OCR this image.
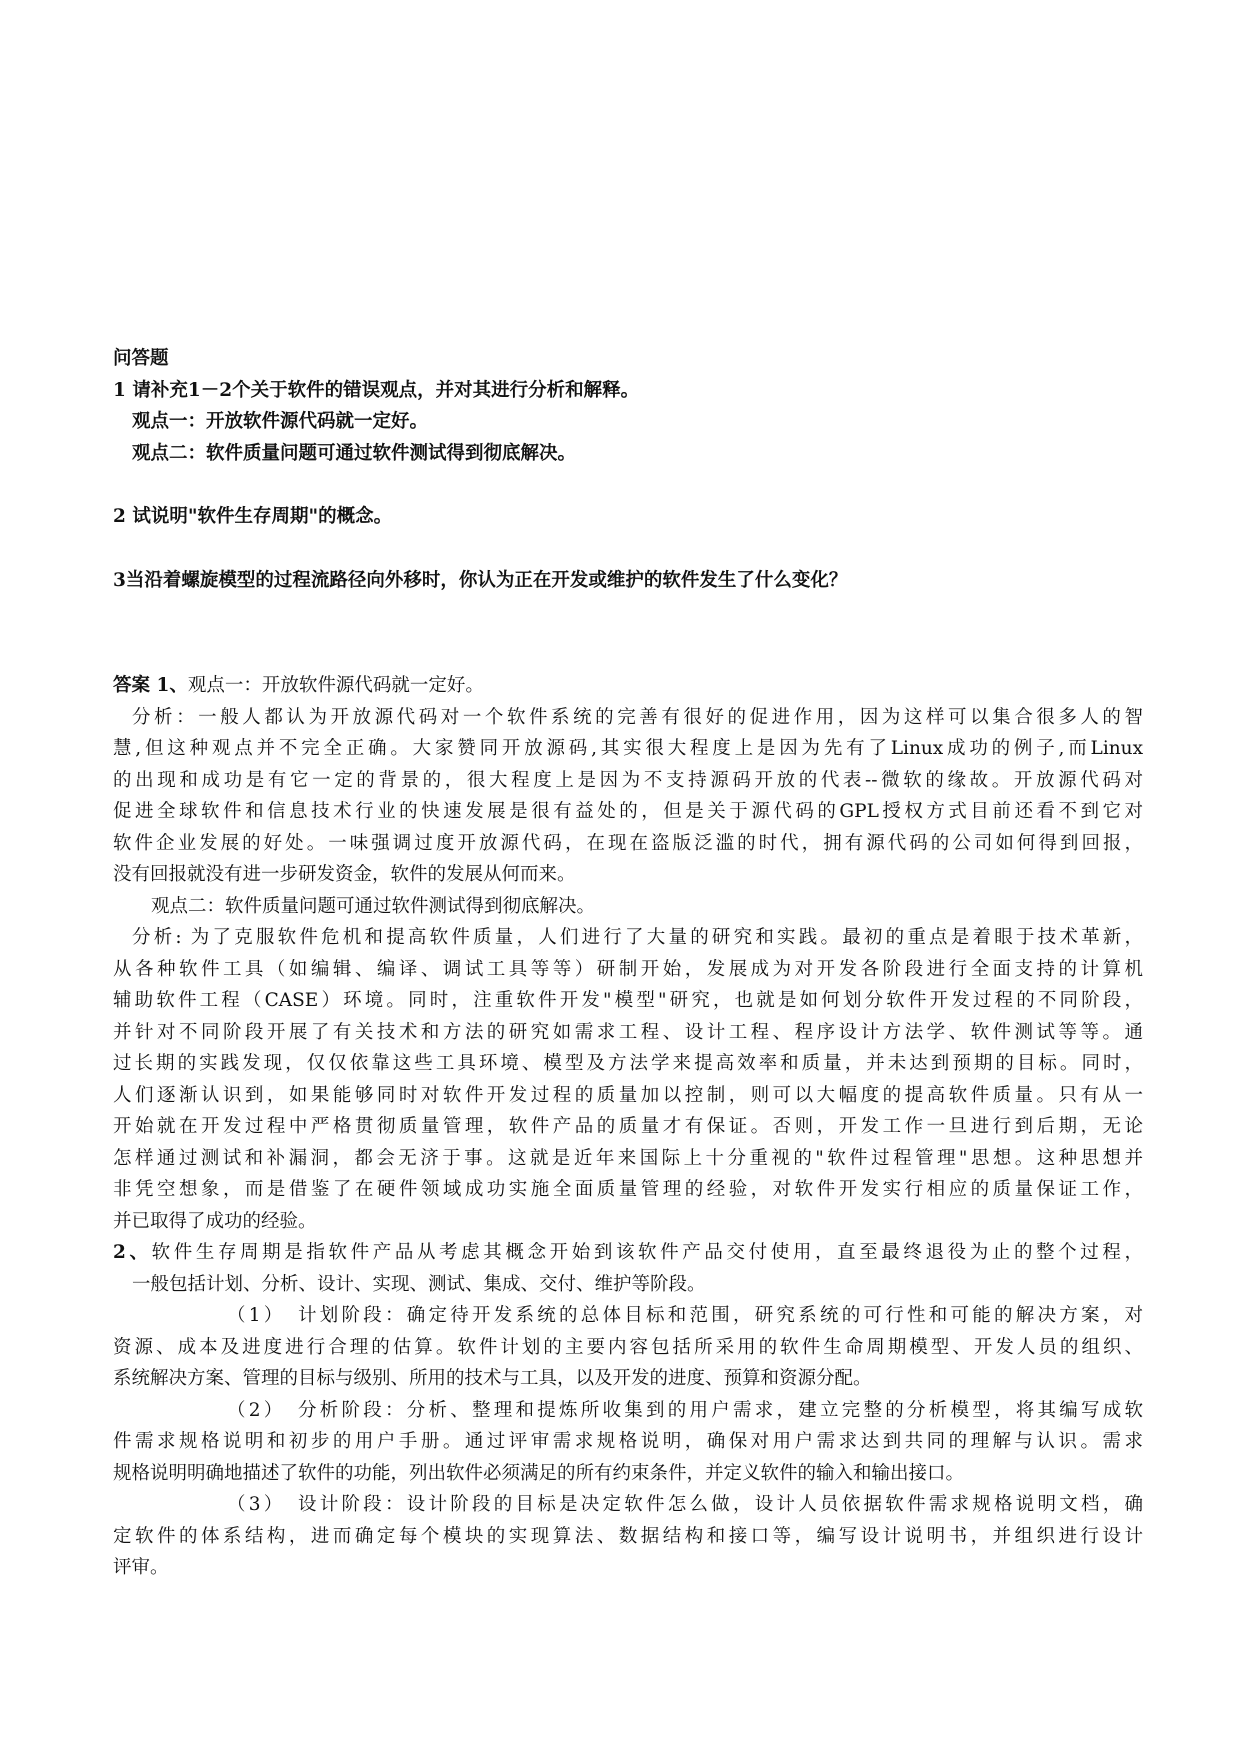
问答题
1 请补充1－2个关于软件的错误观点，并对其进行分析和解释。
观点一：开放软件源代码就一定好。
观点二：软件质量问题可通过软件测试得到彻底解决。
2 试说明"软件生存周期"的概念。
3当沿着螺旋模型的过程流路径向外移时，你认为正在开发或维护的软件发生了什么变化？
答案 1、观点一：开放软件源代码就一定好。
分析：一般人都认为开放源代码对一个软件系统的完善有很好的促进作用，因为这样可以集合很多人的智
慧,但这种观点并不完全正确。大家赞同开放源码,其实很大程度上是因为先有了Linux成功的例子,而Linux
的出现和成功是有它一定的背景的，很大程度上是因为不支持源码开放的代表--微软的缘故。开放源代码对
促进全球软件和信息技术行业的快速发展是很有益处的，但是关于源代码的GPL授权方式目前还看不到它对
软件企业发展的好处。一味强调过度开放源代码，在现在盗版泛滥的时代，拥有源代码的公司如何得到回报，
没有回报就没有进一步研发资金，软件的发展从何而来。
观点二：软件质量问题可通过软件测试得到彻底解决。
分析: 为了克服软件危机和提高软件质量，人们进行了大量的研究和实践。最初的重点是着眼于技术革新，
从各种软件工具（如编辑、编译、调试工具等等）研制开始，发展成为对开发各阶段进行全面支持的计算机
辅助软件工程（CASE）环境。同时，注重软件开发"模型"研究，也就是如何划分软件开发过程的不同阶段，
并针对不同阶段开展了有关技术和方法的研究如需求工程、设计工程、程序设计方法学、软件测试等等。通
过长期的实践发现，仅仅依靠这些工具环境、模型及方法学来提高效率和质量，并未达到预期的目标。同时，
人们逐渐认识到，如果能够同时对软件开发过程的质量加以控制，则可以大幅度的提高软件质量。只有从一
开始就在开发过程中严格贯彻质量管理，软件产品的质量才有保证。否则，开发工作一旦进行到后期，无论
怎样通过测试和补漏洞，都会无济于事。这就是近年来国际上十分重视的"软件过程管理"思想。这种思想并
非凭空想象，而是借鉴了在硬件领域成功实施全面质量管理的经验，对软件开发实行相应的质量保证工作，
并已取得了成功的经验。
2、软件生存周期是指软件产品从考虑其概念开始到该软件产品交付使用，直至最终退役为止的整个过程，
一般包括计划、分析、设计、实现、测试、集成、交付、维护等阶段。
（1）　计划阶段：确定待开发系统的总体目标和范围，研究系统的可行性和可能的解决方案，对
资源、成本及进度进行合理的估算。软件计划的主要内容包括所采用的软件生命周期模型、开发人员的组织、
系统解决方案、管理的目标与级别、所用的技术与工具，以及开发的进度、预算和资源分配。
（2）　分析阶段：分析、整理和提炼所收集到的用户需求，建立完整的分析模型，将其编写成软
件需求规格说明和初步的用户手册。通过评审需求规格说明，确保对用户需求达到共同的理解与认识。需求
规格说明明确地描述了软件的功能，列出软件必须满足的所有约束条件，并定义软件的输入和输出接口。
（3）　设计阶段：设计阶段的目标是决定软件怎么做，设计人员依据软件需求规格说明文档，确
定软件的体系结构，进而确定每个模块的实现算法、数据结构和接口等，编写设计说明书，并组织进行设计
评审。
